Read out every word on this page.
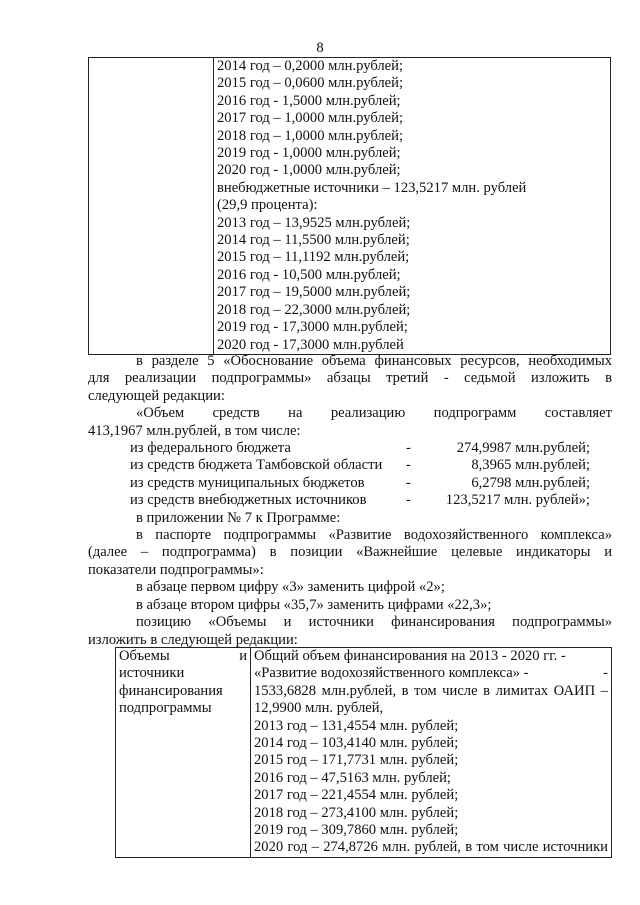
8

2014 год – 0,2000 млн.рублей;
2015 год – 0,0600 млн.рублей;
2016 год - 1,5000 млн.рублей;
2017 год – 1,0000 млн.рублей;
2018 год – 1,0000 млн.рублей;
2019 год - 1,0000 млн.рублей;
2020 год - 1,0000 млн.рублей;
внебюджетные источники – 123,5217 млн. рублей
(29,9 процента):
2013 год – 13,9525 млн.рублей;
2014 год – 11,5500 млн.рублей;
2015 год – 11,1192 млн.рублей;
2016 год - 10,500 млн.рублей;
2017 год – 19,5000 млн.рублей;
2018 год – 22,3000 млн.рублей;
2019 год - 17,3000 млн.рублей;
2020 год - 17,3000 млн.рублей
в разделе 5 «Обоснование объема финансовых ресурсов, необходимых
для реализации подпрограммы» абзацы третий - седьмой изложить в
следующей редакции:
«Объем средств на реализацию подпрограмм составляет
413,1967 млн.рублей, в том числе:
из федерального бюджета	-	274,9987 млн.рублей;
из средств бюджета Тамбовской области	-	8,3965 млн.рублей;
из средств муниципальных бюджетов	-	6,2798 млн.рублей;
из средств внебюджетных источников	-	123,5217 млн. рублей»;
в приложении № 7 к Программе:
в паспорте подпрограммы «Развитие водохозяйственного комплекса»
(далее – подпрограмма) в позиции «Важнейшие целевые индикаторы и
показатели подпрограммы»:
в абзаце первом цифру «3» заменить цифрой «2»;
в абзаце втором цифры «35,7» заменить цифрами «22,3»;
позицию «Объемы и источники финансирования подпрограммы»
изложить в следующей редакции:
Объемы и
источники
финансирования
подпрограммы

Общий объем финансирования на 2013 - 2020 гг. -
«Развитие водохозяйственного комплекса» -	-
1533,6828 млн.рублей, в том числе в лимитах ОАИП –
12,9900 млн. рублей,
2013 год – 131,4554 млн. рублей;
2014 год – 103,4140 млн. рублей;
2015 год – 171,7731 млн. рублей;
2016 год – 47,5163 млн. рублей;
2017 год – 221,4554 млн. рублей;
2018 год – 273,4100 млн. рублей;
2019 год – 309,7860 млн. рублей;
2020 год – 274,8726 млн. рублей, в том числе источники
